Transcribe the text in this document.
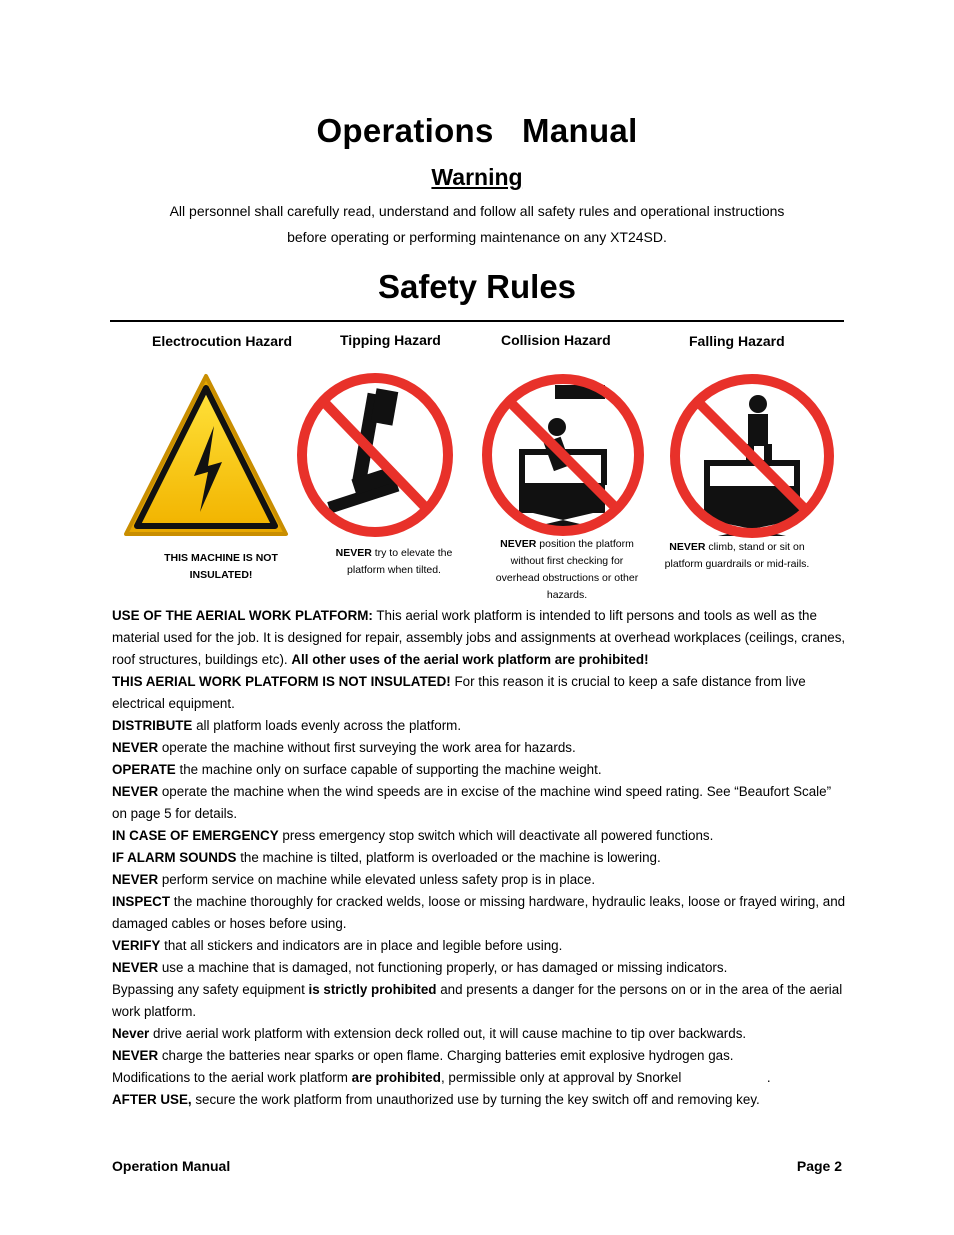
Operations   Manual
Warning
All personnel shall carefully read, understand and follow all safety rules and operational instructions
before operating or performing maintenance on any XT24SD.
Safety Rules
Electrocution Hazard	Tipping Hazard	Collision Hazard	Falling Hazard
THIS MACHINE IS NOT INSULATED!
NEVER try to elevate the platform when tilted.
NEVER position the platform without first checking for overhead obstructions or other hazards.
NEVER climb, stand or sit on platform guardrails or mid-rails.

USE OF THE AERIAL WORK PLATFORM: This aerial work platform is intended to lift persons and tools as well as the material used for the job. It is designed for repair, assembly jobs and assignments at overhead workplaces (ceilings, cranes, roof structures, buildings etc). All other uses of the aerial work platform are prohibited!

THIS AERIAL WORK PLATFORM IS NOT INSULATED! For this reason it is crucial to keep a safe distance from live electrical equipment.

DISTRIBUTE all platform loads evenly across the platform.

NEVER operate the machine without first surveying the work area for hazards.

OPERATE the machine only on surface capable of supporting the machine weight.

NEVER operate the machine when the wind speeds are in excise of the machine wind speed rating. See “Beaufort Scale” on page 5 for details.

IN CASE OF EMERGENCY press emergency stop switch which will deactivate all powered functions.

IF ALARM SOUNDS the machine is tilted, platform is overloaded or the machine is lowering.

NEVER perform service on machine while elevated unless safety prop is in place.

INSPECT the machine thoroughly for cracked welds, loose or missing hardware, hydraulic leaks, loose or frayed wiring, and damaged cables or hoses before using.

VERIFY that all stickers and indicators are in place and legible before using.

NEVER use a machine that is damaged, not functioning properly, or has damaged or missing indicators.

Bypassing any safety equipment is strictly prohibited and presents a danger for the persons on or in the area of the aerial work platform.

Never drive aerial work platform with extension deck rolled out, it will cause machine to tip over backwards.

NEVER charge the batteries near sparks or open flame. Charging batteries emit explosive hydrogen gas.

Modifications to the aerial work platform are prohibited, permissible only at approval by Snorkel                       .

AFTER USE, secure the work platform from unauthorized use by turning the key switch off and removing key.

Operation Manual	Page 2
